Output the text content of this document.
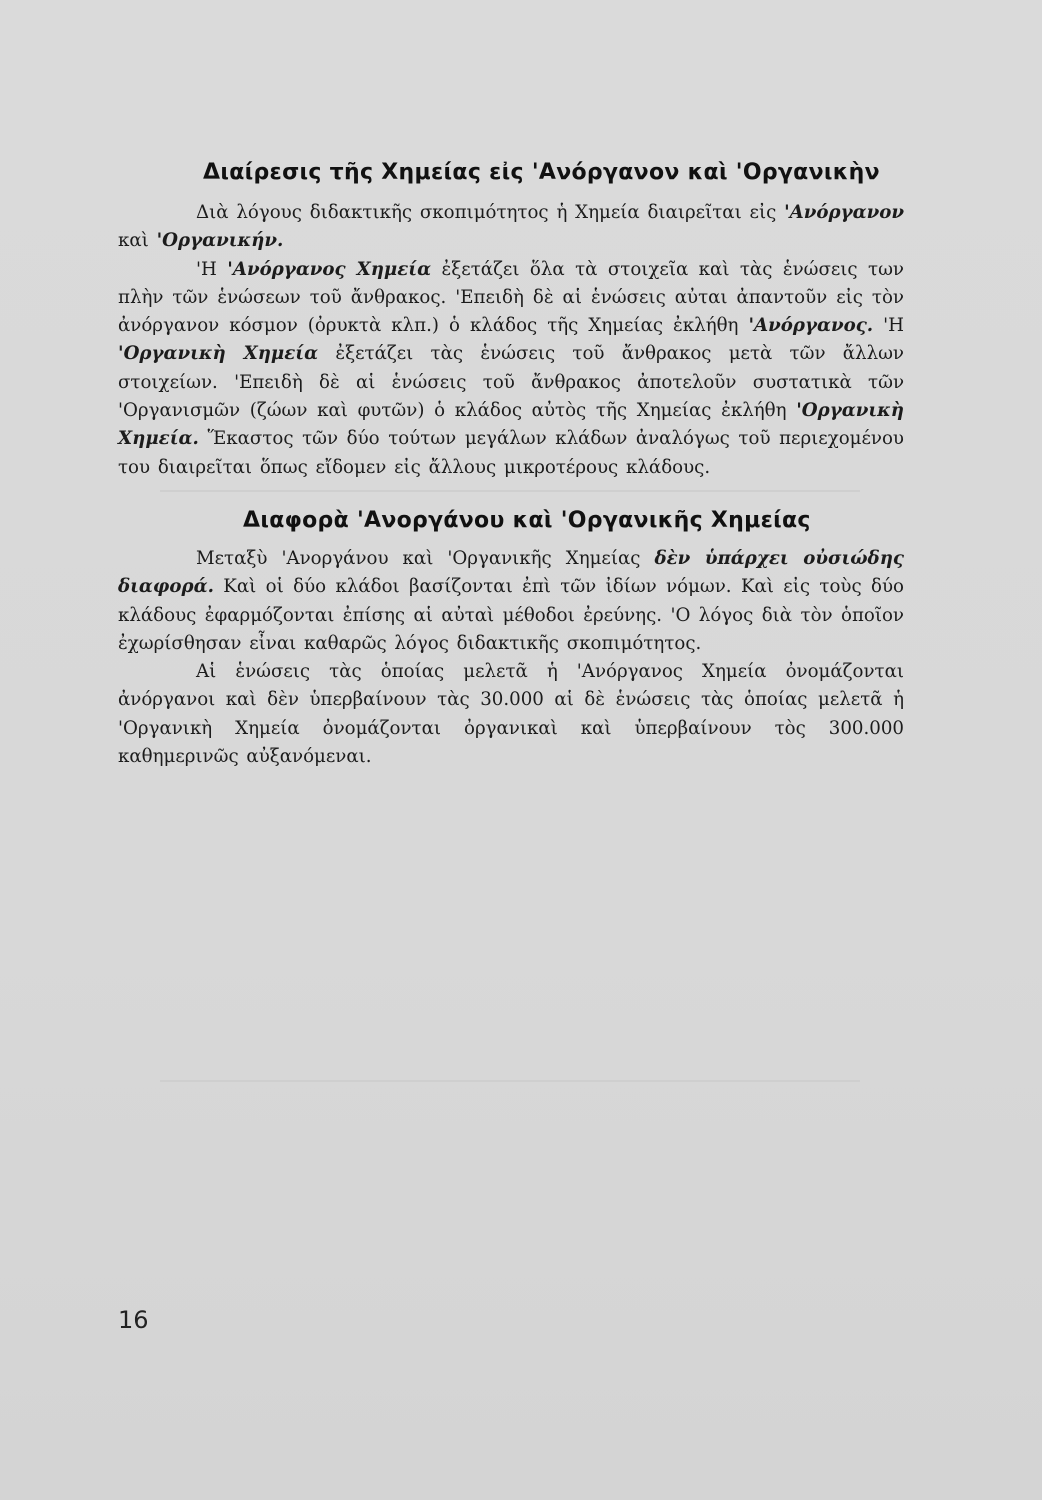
Διαίρεσις τῆς Χημείας εἰς 'Ανόργανον καὶ 'Οργανικὴν

Διὰ λόγους διδακτικῆς σκοπιμότητος ἡ Χημεία διαιρεῖται εἰς 'Ανόργανον καὶ 'Οργανικήν.

'Η 'Ανόργανος Χημεία ἐξετάζει ὅλα τὰ στοιχεῖα καὶ τὰς ἑνώσεις των πλὴν τῶν ἑνώσεων τοῦ ἄνθρακος. 'Επειδὴ δὲ αἱ ἑνώσεις αὐται ἀπαντοῦν εἰς τὸν ἀνόργανον κόσμον (ὀρυκτὰ κλπ.) ὁ κλάδος τῆς Χημείας ἐκλήθη 'Ανόργανος. 'Η 'Οργανικὴ Χημεία ἐξετάζει τὰς ἑνώσεις τοῦ ἄνθρακος μετὰ τῶν ἄλλων στοιχείων. 'Επειδὴ δὲ αἱ ἑνώσεις τοῦ ἄνθρακος ἀποτελοῦν συστατικὰ τῶν 'Οργανισμῶν (ζώων καὶ φυτῶν) ὁ κλάδος αὐτὸς τῆς Χημείας ἐκλήθη 'Οργανικὴ Χημεία. Ἕκαστος τῶν δύο τούτων μεγάλων κλάδων ἀναλόγως τοῦ περιεχομένου του διαιρεῖται ὅπως εἴδομεν εἰς ἄλλους μικροτέρους κλάδους.

Διαφορὰ 'Ανοργάνου καὶ 'Οργανικῆς Χημείας

Μεταξὺ 'Ανοργάνου καὶ 'Οργανικῆς Χημείας δὲν ὑπάρχει οὐσιώδης διαφορά. Καὶ οἱ δύο κλάδοι βασίζονται ἐπὶ τῶν ἰδίων νόμων. Καὶ εἰς τοὺς δύο κλάδους ἐφαρμόζονται ἐπίσης αἱ αὐταὶ μέθοδοι ἐρεύνης. 'Ο λόγος διὰ τὸν ὁποῖον ἐχωρίσθησαν εἶναι καθαρῶς λόγος διδακτικῆς σκοπιμότητος.

Αἱ ἑνώσεις τὰς ὁποίας μελετᾶ ἡ 'Ανόργανος Χημεία ὀνομάζονται ἀνόργανοι καὶ δὲν ὑπερβαίνουν τὰς 30.000 αἱ δὲ ἑνώσεις τὰς ὁποίας μελετᾶ ἡ 'Οργανικὴ Χημεία ὀνομάζονται ὀργανικαὶ καὶ ὑπερβαίνουν τὸς 300.000 καθημερινῶς αὐξανόμεναι.

16
